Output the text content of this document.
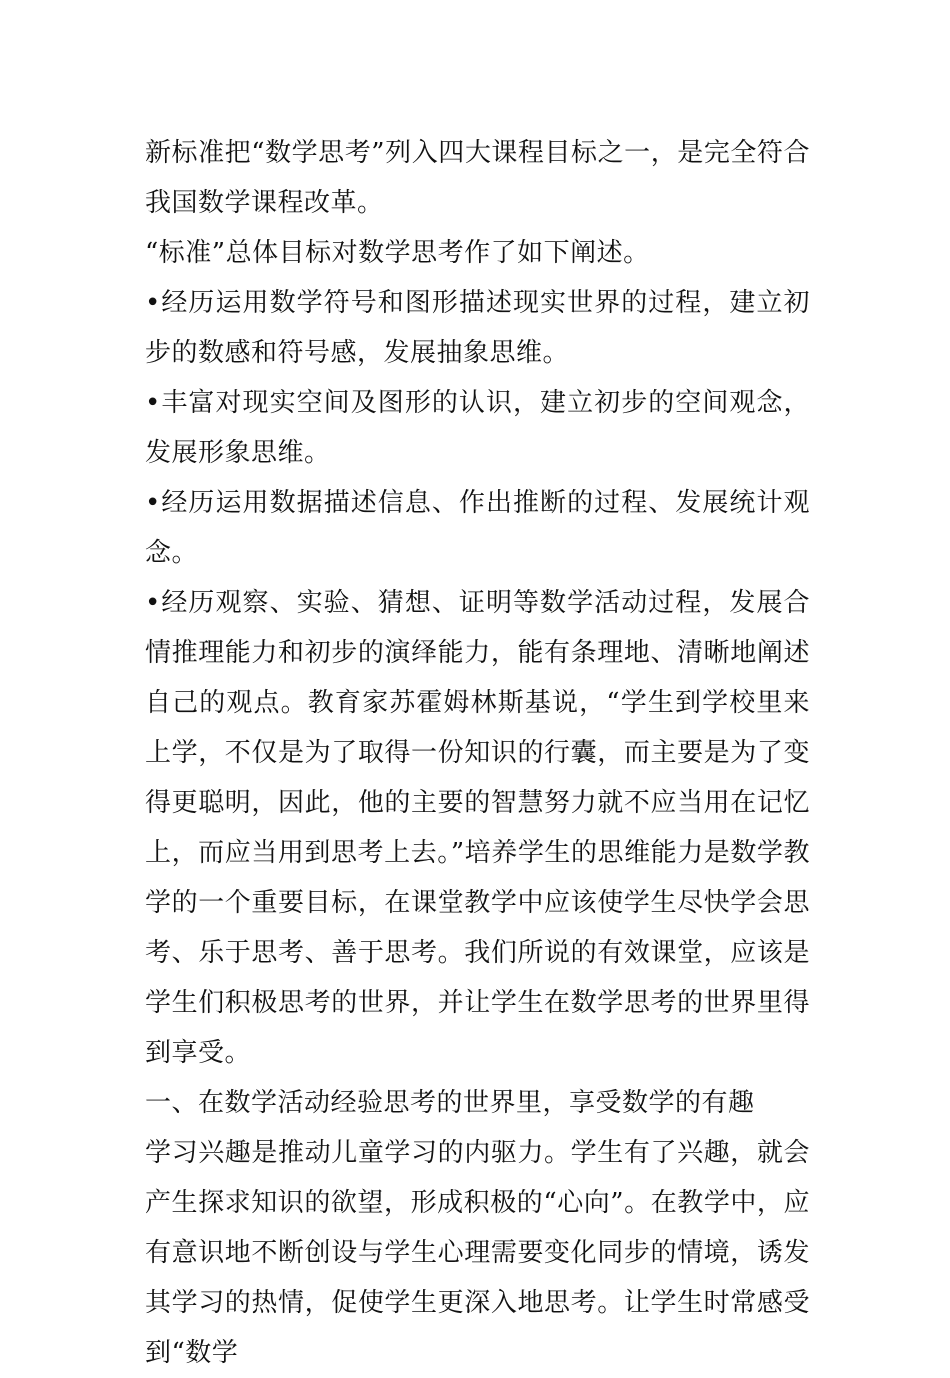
新标准把“数学思考”列入四大课程目标之一，是完全符合我国数学课程改革。

“标准”总体目标对数学思考作了如下阐述。

•经历运用数学符号和图形描述现实世界的过程，建立初步的数感和符号感，发展抽象思维。

•丰富对现实空间及图形的认识，建立初步的空间观念，发展形象思维。

•经历运用数据描述信息、作出推断的过程、发展统计观念。

•经历观察、实验、猜想、证明等数学活动过程，发展合情推理能力和初步的演绎能力，能有条理地、清晰地阐述自己的观点。教育家苏霍姆林斯基说，“学生到学校里来上学，不仅是为了取得一份知识的行囊，而主要是为了变得更聪明，因此，他的主要的智慧努力就不应当用在记忆上，而应当用到思考上去。”培养学生的思维能力是数学教学的一个重要目标，在课堂教学中应该使学生尽快学会思考、乐于思考、善于思考。我们所说的有效课堂，应该是学生们积极思考的世界，并让学生在数学思考的世界里得到享受。

一、在数学活动经验思考的世界里，享受数学的有趣

学习兴趣是推动儿童学习的内驱力。学生有了兴趣，就会产生探求知识的欲望，形成积极的“心向”。在教学中，应有意识地不断创设与学生心理需要变化同步的情境，诱发其学习的热情，促使学生更深入地思考。让学生时常感受到“数学
